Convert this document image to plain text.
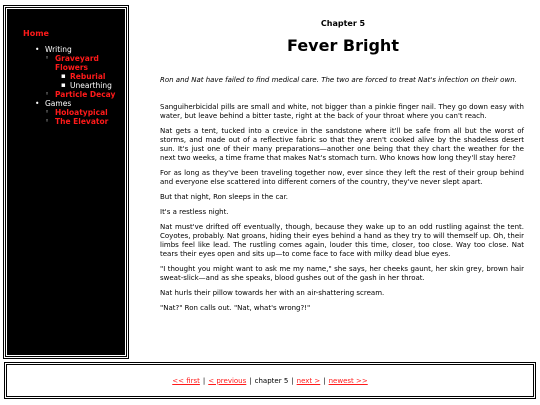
Home
• Writing
◦ Graveyard Flowers
▪ Reburial
▪ Unearthing
◦ Particle Decay
• Games
◦ Holoatypical
◦ The Elevator
Chapter 5
Fever Bright
Ron and Nat have failed to find medical care. The two are forced to treat Nat's infection on their own.

Sanguiherbicidal pills are small and white, not bigger than a pinkie finger nail. They go down easy with water, but leave behind a bitter taste, right at the back of your throat where you can't reach.

Nat gets a tent, tucked into a crevice in the sandstone where it'll be safe from all but the worst of storms, and made out of a reflective fabric so that they aren't cooked alive by the shadeless desert sun. It's just one of their many preparations—another one being that they chart the weather for the next two weeks, a time frame that makes Nat's stomach turn. Who knows how long they'll stay here?

For as long as they've been traveling together now, ever since they left the rest of their group behind and everyone else scattered into different corners of the country, they've never slept apart.

But that night, Ron sleeps in the car.

It's a restless night.

Nat must've drifted off eventually, though, because they wake up to an odd rustling against the tent. Coyotes, probably. Nat groans, hiding their eyes behind a hand as they try to will themself up. Oh, their limbs feel like lead. The rustling comes again, louder this time, closer, too close. Way too close. Nat tears their eyes open and sits up—to come face to face with milky dead blue eyes.

"I thought you might want to ask me my name," she says, her cheeks gaunt, her skin grey, brown hair sweat-slick—and as she speaks, blood gushes out of the gash in her throat.

Nat hurls their pillow towards her with an air-shattering scream.

"Nat?" Ron calls out. "Nat, what's wrong?!"

<< first | < previous | chapter 5 | next > | newest >>
